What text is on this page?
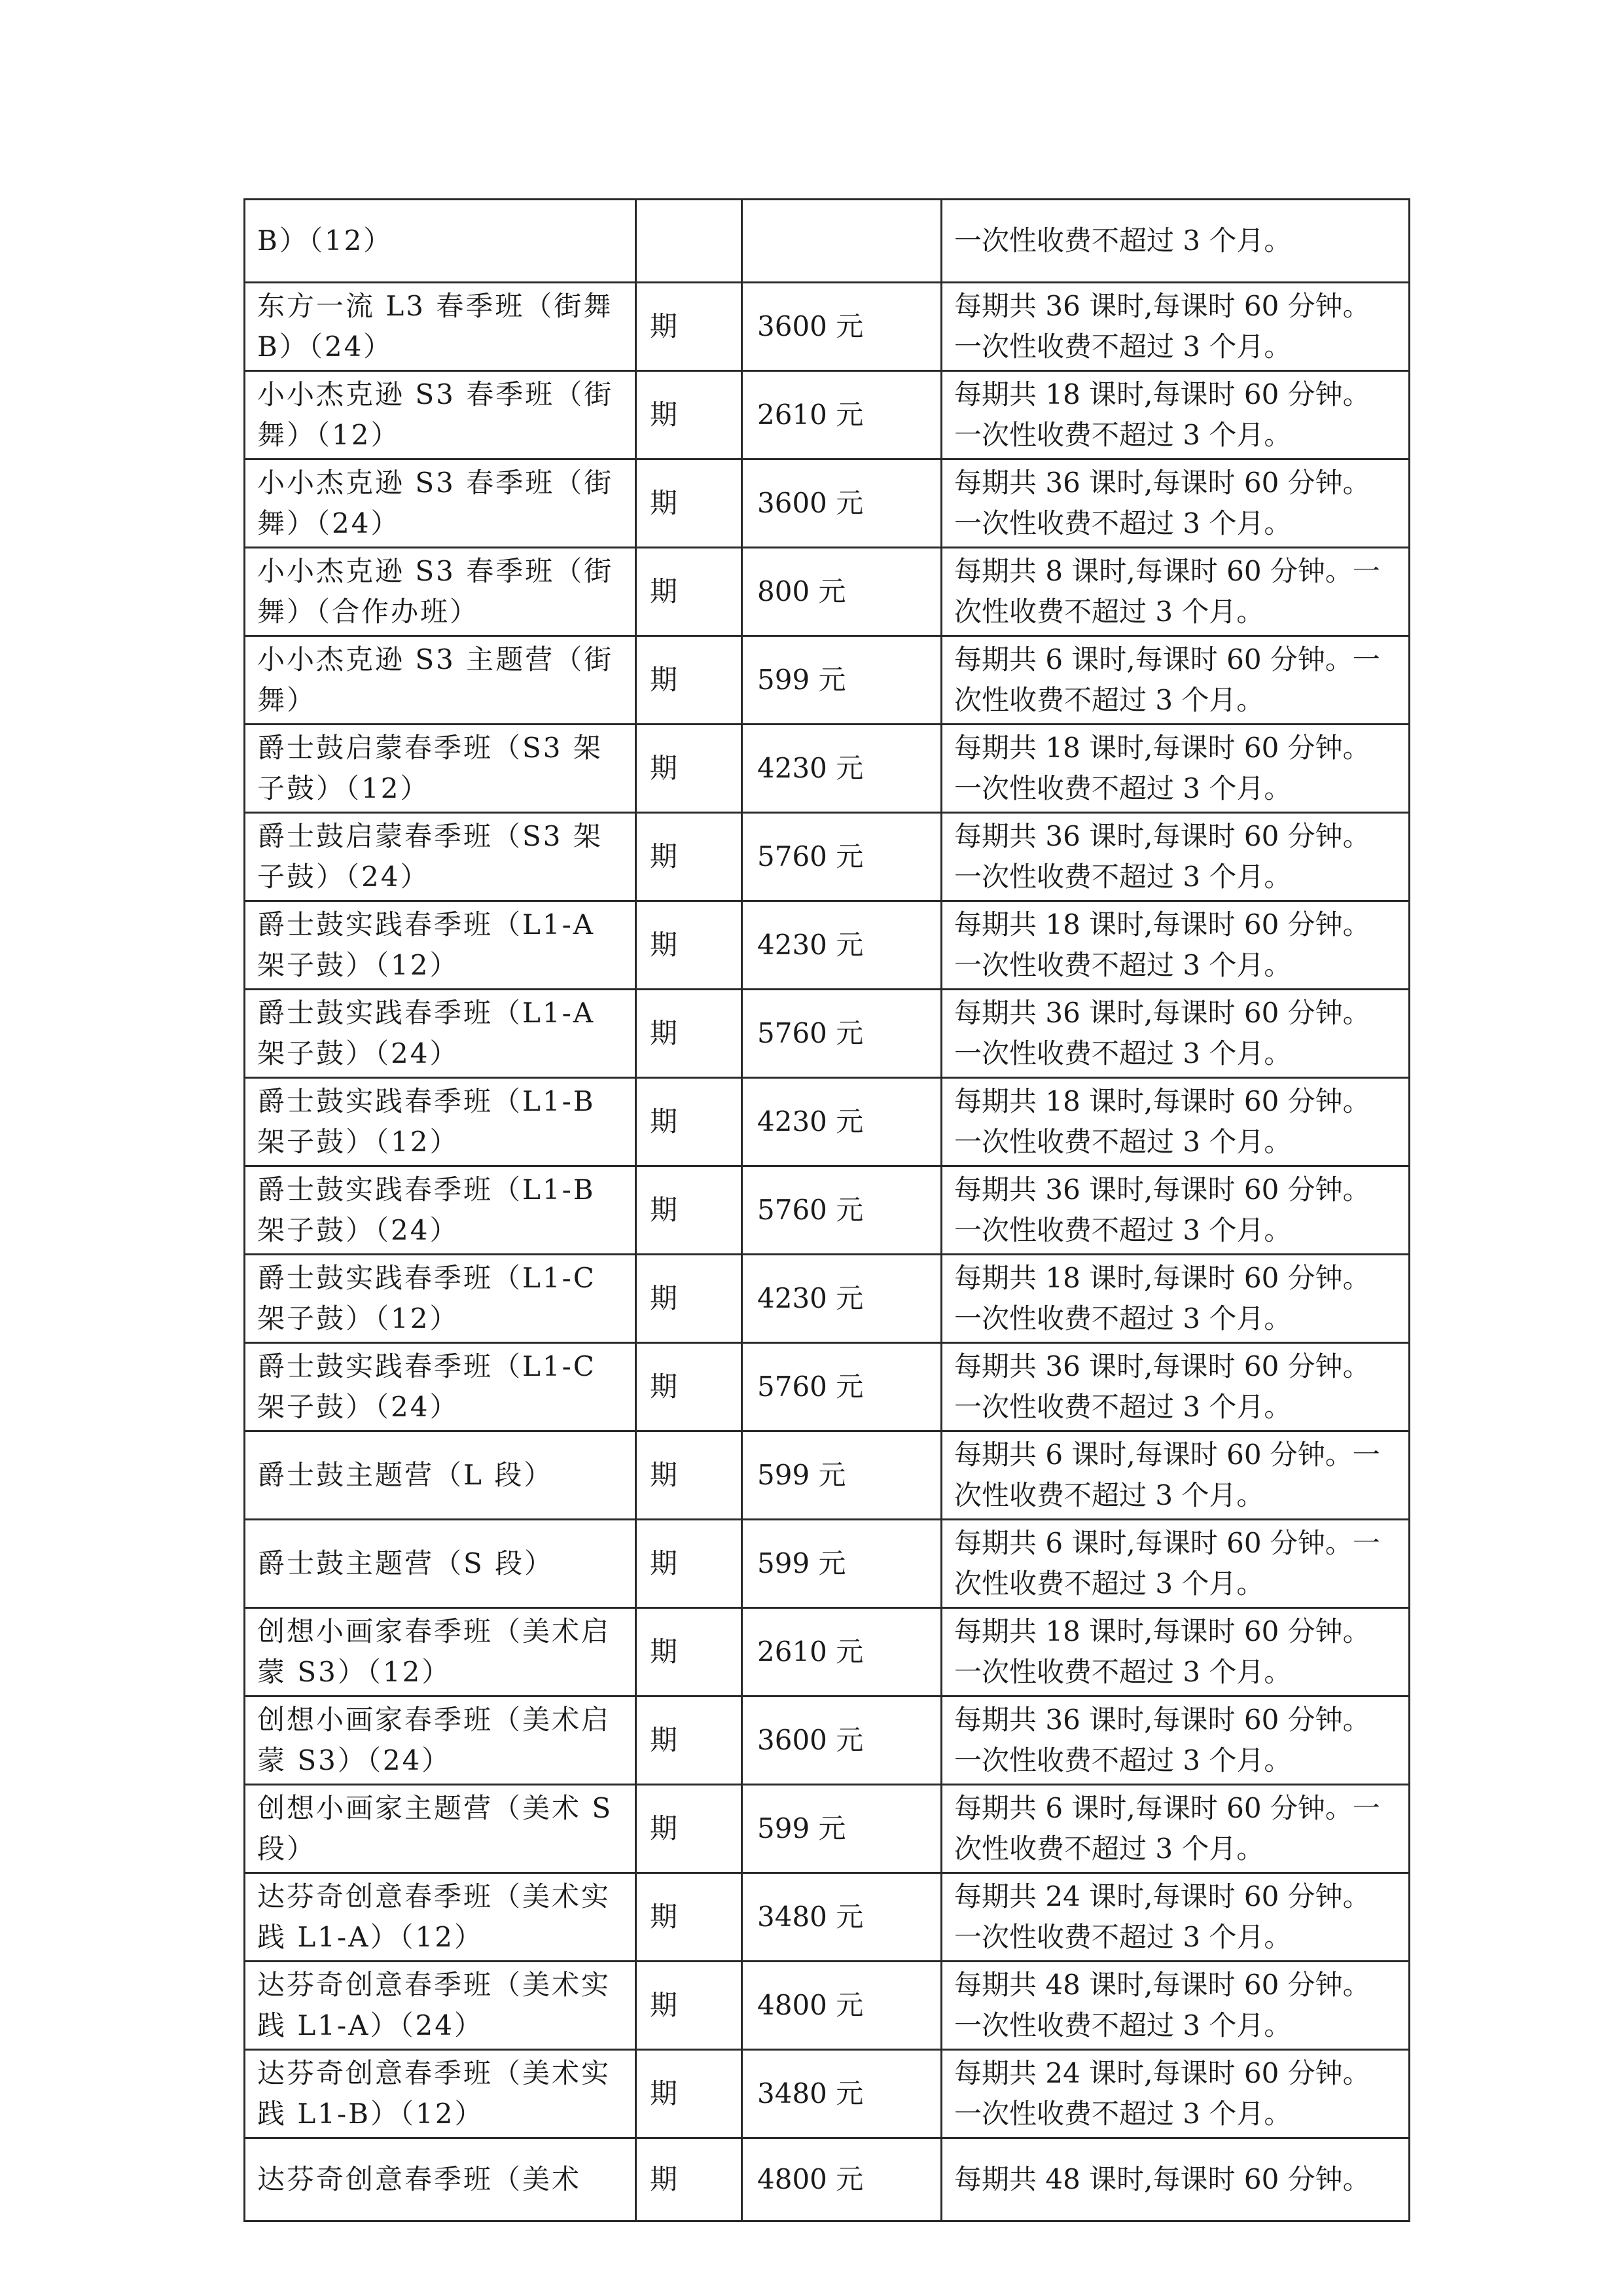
B）（12）			一次性收费不超过 3 个月。
东方一流 L3 春季班（街舞 B）（24）	期	3600 元	每期共 36 课时,每课时 60 分钟。一次性收费不超过 3 个月。
小小杰克逊 S3 春季班（街舞）（12）	期	2610 元	每期共 18 课时,每课时 60 分钟。一次性收费不超过 3 个月。
小小杰克逊 S3 春季班（街舞）（24）	期	3600 元	每期共 36 课时,每课时 60 分钟。一次性收费不超过 3 个月。
小小杰克逊 S3 春季班（街舞）（合作办班）	期	800 元	每期共 8 课时,每课时 60 分钟。一次性收费不超过 3 个月。
小小杰克逊 S3 主题营（街舞）	期	599 元	每期共 6 课时,每课时 60 分钟。一次性收费不超过 3 个月。
爵士鼓启蒙春季班（S3 架子鼓）（12）	期	4230 元	每期共 18 课时,每课时 60 分钟。一次性收费不超过 3 个月。
爵士鼓启蒙春季班（S3 架子鼓）（24）	期	5760 元	每期共 36 课时,每课时 60 分钟。一次性收费不超过 3 个月。
爵士鼓实践春季班（L1-A 架子鼓）（12）	期	4230 元	每期共 18 课时,每课时 60 分钟。一次性收费不超过 3 个月。
爵士鼓实践春季班（L1-A 架子鼓）（24）	期	5760 元	每期共 36 课时,每课时 60 分钟。一次性收费不超过 3 个月。
爵士鼓实践春季班（L1-B 架子鼓）（12）	期	4230 元	每期共 18 课时,每课时 60 分钟。一次性收费不超过 3 个月。
爵士鼓实践春季班（L1-B 架子鼓）（24）	期	5760 元	每期共 36 课时,每课时 60 分钟。一次性收费不超过 3 个月。
爵士鼓实践春季班（L1-C 架子鼓）（12）	期	4230 元	每期共 18 课时,每课时 60 分钟。一次性收费不超过 3 个月。
爵士鼓实践春季班（L1-C 架子鼓）（24）	期	5760 元	每期共 36 课时,每课时 60 分钟。一次性收费不超过 3 个月。
爵士鼓主题营（L 段）	期	599 元	每期共 6 课时,每课时 60 分钟。一次性收费不超过 3 个月。
爵士鼓主题营（S 段）	期	599 元	每期共 6 课时,每课时 60 分钟。一次性收费不超过 3 个月。
创想小画家春季班（美术启蒙 S3）（12）	期	2610 元	每期共 18 课时,每课时 60 分钟。一次性收费不超过 3 个月。
创想小画家春季班（美术启蒙 S3）（24）	期	3600 元	每期共 36 课时,每课时 60 分钟。一次性收费不超过 3 个月。
创想小画家主题营（美术 S 段）	期	599 元	每期共 6 课时,每课时 60 分钟。一次性收费不超过 3 个月。
达芬奇创意春季班（美术实践 L1-A）（12）	期	3480 元	每期共 24 课时,每课时 60 分钟。一次性收费不超过 3 个月。
达芬奇创意春季班（美术实践 L1-A）（24）	期	4800 元	每期共 48 课时,每课时 60 分钟。一次性收费不超过 3 个月。
达芬奇创意春季班（美术实践 L1-B）（12）	期	3480 元	每期共 24 课时,每课时 60 分钟。一次性收费不超过 3 个月。
达芬奇创意春季班（美术	期	4800 元	每期共 48 课时,每课时 60 分钟。
